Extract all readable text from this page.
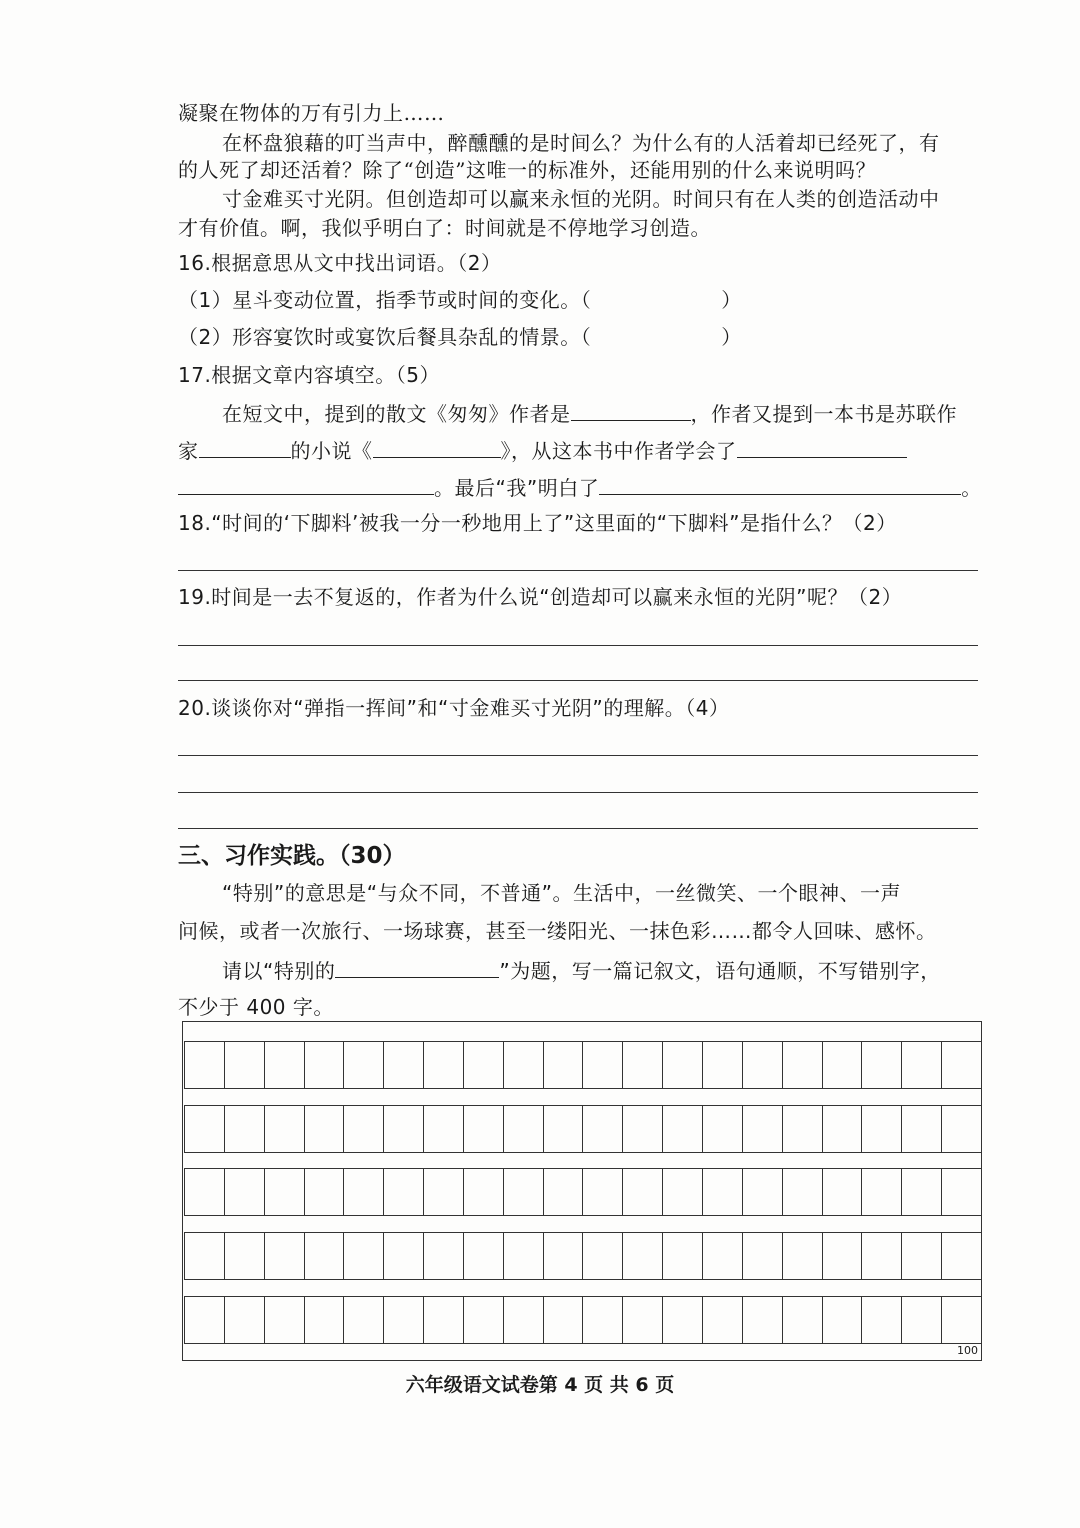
凝聚在物体的万有引力上……
在杯盘狼藉的叮当声中，醉醺醺的是时间么？为什么有的人活着却已经死了，有
的人死了却还活着？除了“创造”这唯一的标准外，还能用别的什么来说明吗？
寸金难买寸光阴。但创造却可以赢来永恒的光阴。时间只有在人类的创造活动中
才有价值。啊，我似乎明白了：时间就是不停地学习创造。
16.根据意思从文中找出词语。（2）
（1）星斗变动位置，指季节或时间的变化。（	）
（2）形容宴饮时或宴饮后餐具杂乱的情景。（	）
17.根据文章内容填空。（5）
在短文中，提到的散文《匆匆》作者是	，作者又提到一本书是苏联作
家	的小说《	》，从这本书中作者学会了
。最后“我”明白了	。
18.“时间的‘下脚料’被我一分一秒地用上了”这里面的“下脚料”是指什么？（2）
19.时间是一去不复返的，作者为什么说“创造却可以赢来永恒的光阴”呢？（2）
20.谈谈你对“弹指一挥间”和“寸金难买寸光阴”的理解。（4）
三、习作实践。（30）
“特别”的意思是“与众不同，不普通”。生活中，一丝微笑、一个眼神、一声
问候，或者一次旅行、一场球赛，甚至一缕阳光、一抹色彩……都令人回味、感怀。
请以“特别的	”为题，写一篇记叙文，语句通顺，不写错别字，
不少于 400 字。
100
六年级语文试卷第 4 页 共 6 页
